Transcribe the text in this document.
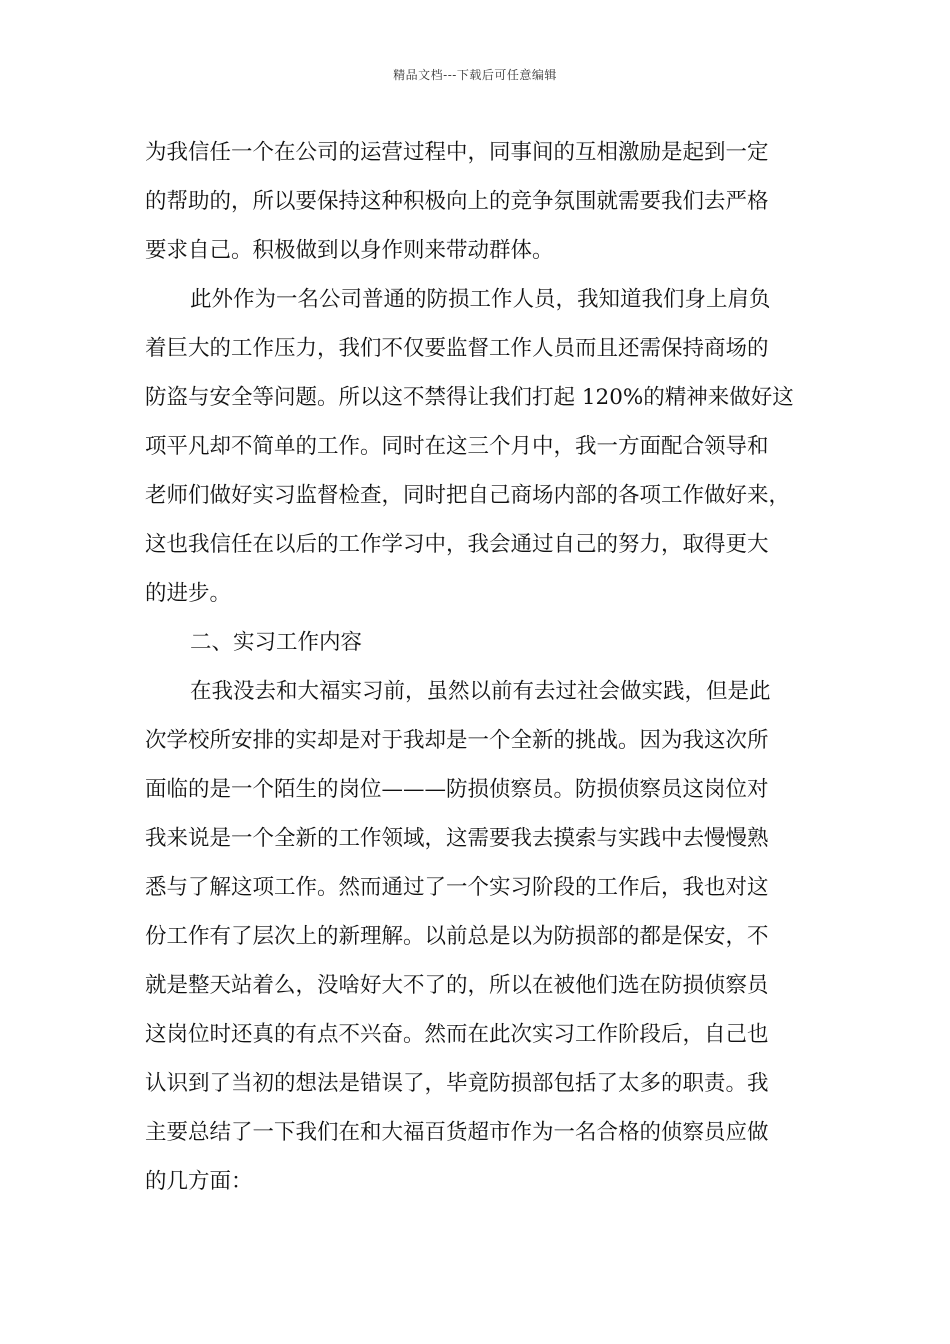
精品文档---下载后可任意编辑
为我信任一个在公司的运营过程中，同事间的互相激励是起到一定
的帮助的，所以要保持这种积极向上的竞争氛围就需要我们去严格
要求自己。积极做到以身作则来带动群体。
此外作为一名公司普通的防损工作人员，我知道我们身上肩负
着巨大的工作压力，我们不仅要监督工作人员而且还需保持商场的
防盗与安全等问题。所以这不禁得让我们打起 120%的精神来做好这
项平凡却不简单的工作。同时在这三个月中，我一方面配合领导和
老师们做好实习监督检查，同时把自己商场内部的各项工作做好来，
这也我信任在以后的工作学习中，我会通过自己的努力，取得更大
的进步。
二、实习工作内容
在我没去和大福实习前，虽然以前有去过社会做实践，但是此
次学校所安排的实却是对于我却是一个全新的挑战。因为我这次所
面临的是一个陌生的岗位———防损侦察员。防损侦察员这岗位对
我来说是一个全新的工作领域，这需要我去摸索与实践中去慢慢熟
悉与了解这项工作。然而通过了一个实习阶段的工作后，我也对这
份工作有了层次上的新理解。以前总是以为防损部的都是保安，不
就是整天站着么，没啥好大不了的，所以在被他们选在防损侦察员
这岗位时还真的有点不兴奋。然而在此次实习工作阶段后，自己也
认识到了当初的想法是错误了，毕竟防损部包括了太多的职责。我
主要总结了一下我们在和大福百货超市作为一名合格的侦察员应做
的几方面：
